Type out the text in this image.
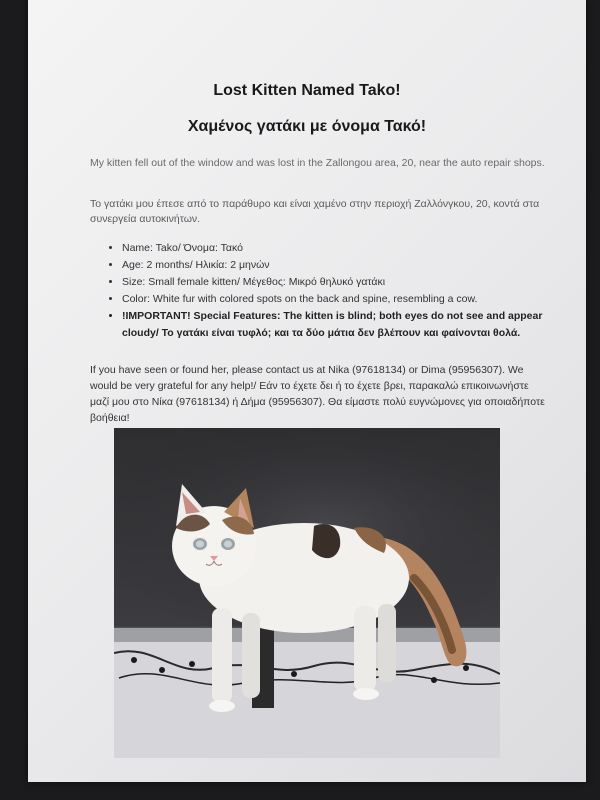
Lost Kitten Named Tako!
Χαμένος γατάκι με όνομα Τακό!
My kitten fell out of the window and was lost in the Zallongou area, 20, near the auto repair shops.
Το γατάκι μου έπεσε από το παράθυρο και είναι χαμένο στην περιοχή Ζαλλόνγκου, 20, κοντά στα συνεργεία αυτοκινήτων.
• Name: Tako/ Όνομα: Τακό
• Age: 2 months/ Ηλικία: 2 μηνών
• Size: Small female kitten/ Μέγεθος: Μικρό θηλυκό γατάκι
• Color: White fur with colored spots on the back and spine, resembling a cow.
• !IMPORTANT! Special Features: The kitten is blind; both eyes do not see and appear cloudy/ Το γατάκι είναι τυφλό; και τα δύο μάτια δεν βλέπουν και φαίνονται θολά.
If you have seen or found her, please contact us at Nika (97618134) or Dima (95956307). We would be very grateful for any help!/ Εάν το έχετε δει ή το έχετε βρει, παρακαλώ επικοινωνήστε μαζί μου στο Νίκα (97618134) ή Δήμα (95956307). Θα είμαστε πολύ ευγνώμονες για οποιαδήποτε βοήθεια!
